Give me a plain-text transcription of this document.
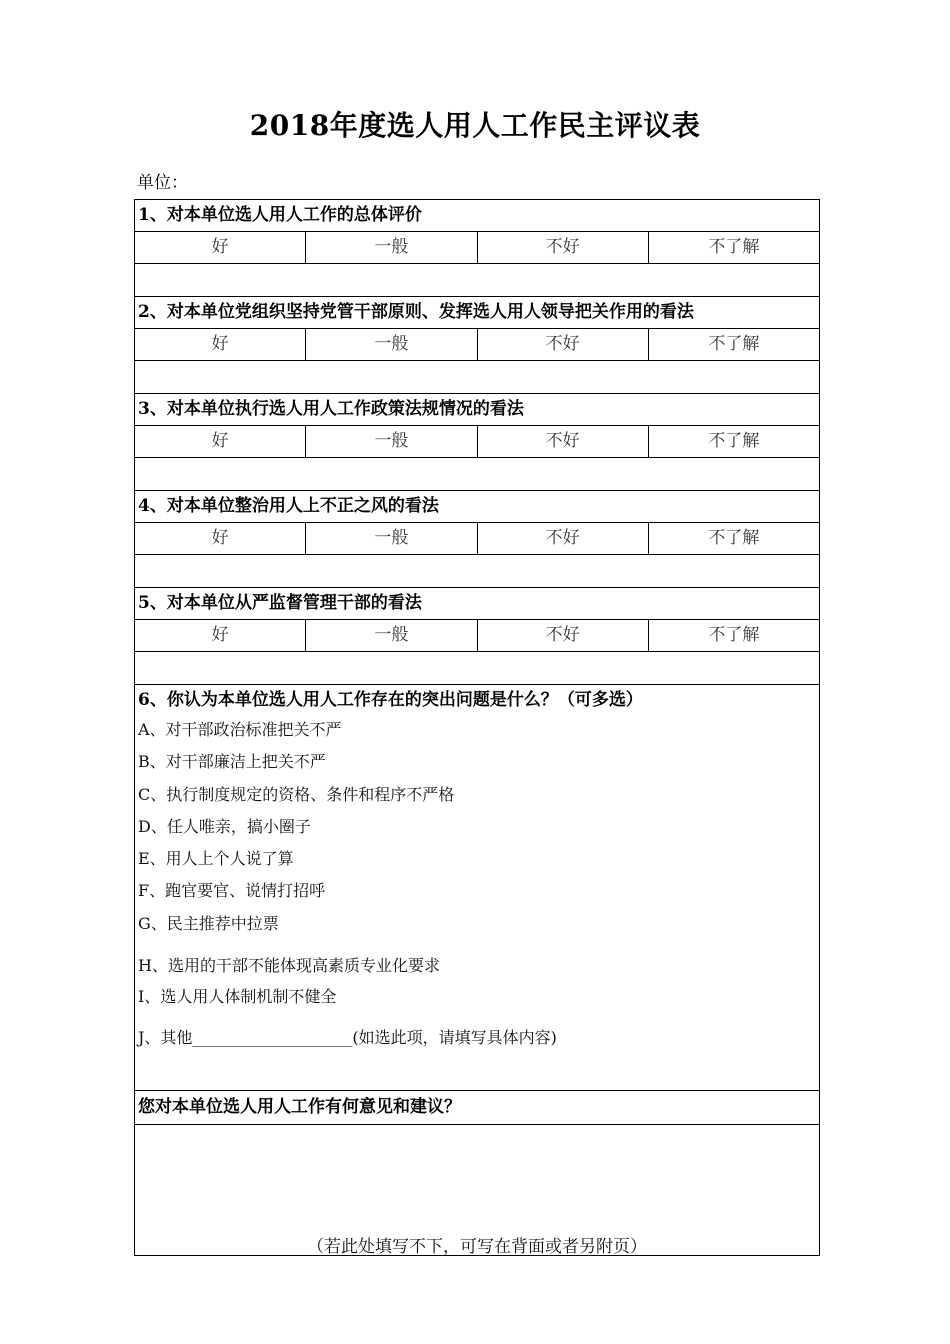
2018年度选人用人工作民主评议表
单位：
1、对本单位选人用人工作的总体评价
好	一般	不好	不了解
2、对本单位党组织坚持党管干部原则、发挥选人用人领导把关作用的看法
好	一般	不好	不了解
3、对本单位执行选人用人工作政策法规情况的看法
好	一般	不好	不了解
4、对本单位整治用人上不正之风的看法
好	一般	不好	不了解
5、对本单位从严监督管理干部的看法
好	一般	不好	不了解
6、你认为本单位选人用人工作存在的突出问题是什么？（可多选）
A、对干部政治标准把关不严
B、对干部廉洁上把关不严
C、执行制度规定的资格、条件和程序不严格
D、任人唯亲，搞小圈子
E、用人上个人说了算
F、跑官要官、说情打招呼
G、民主推荐中拉票
H、选用的干部不能体现高素质专业化要求
I、选人用人体制机制不健全
J、其他____________________(如选此项，请填写具体内容)
您对本单位选人用人工作有何意见和建议？
（若此处填写不下，可写在背面或者另附页）
